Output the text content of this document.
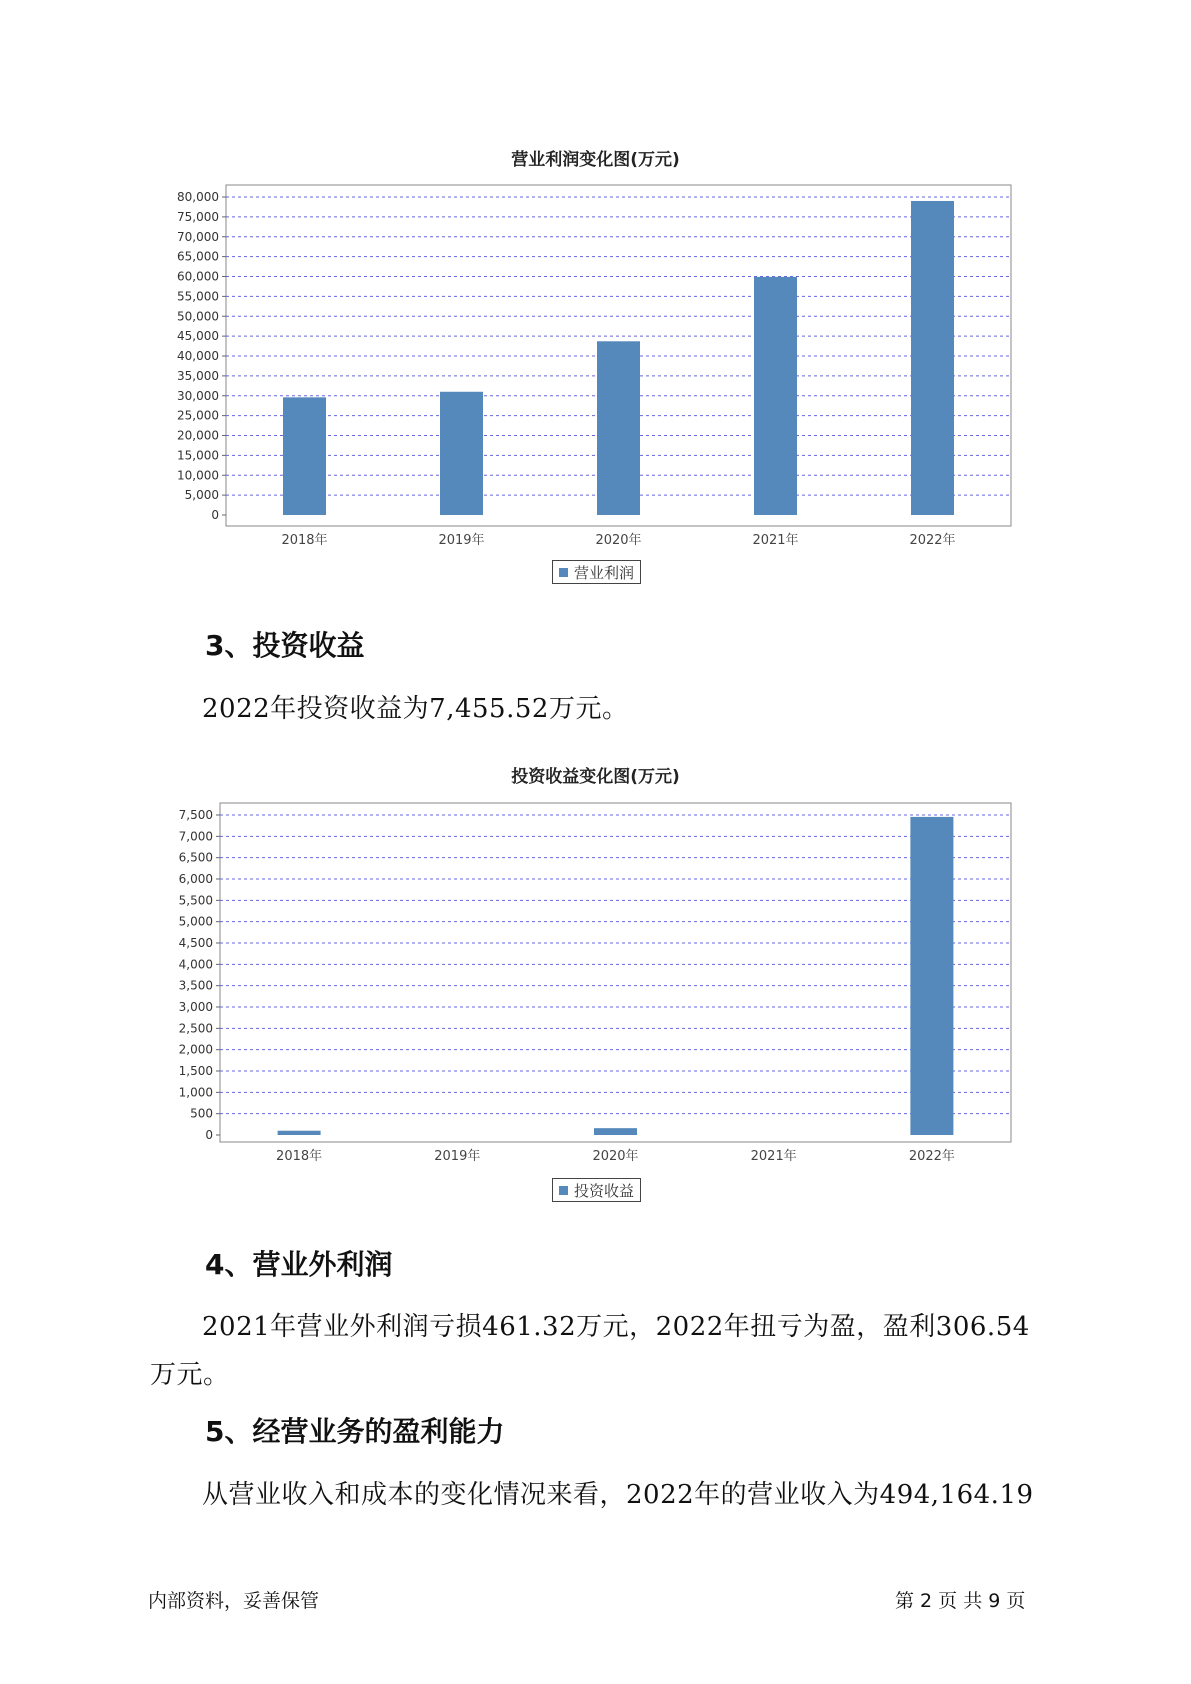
营业利润变化图(万元)
0
5,000
10,000
15,000
20,000
25,000
30,000
35,000
40,000
45,000
50,000
55,000
60,000
65,000
70,000
75,000
80,000
2018年	2019年	2020年	2021年	2022年
营业利润
3、投资收益
2022年投资收益为7,455.52万元。
投资收益变化图(万元)
0
500
1,000
1,500
2,000
2,500
3,000
3,500
4,000
4,500
5,000
5,500
6,000
6,500
7,000
7,500
2018年	2019年	2020年	2021年	2022年
投资收益
4、营业外利润
2021年营业外利润亏损461.32万元，2022年扭亏为盈，盈利306.54万元。
5、经营业务的盈利能力
从营业收入和成本的变化情况来看，2022年的营业收入为494,164.19
内部资料，妥善保管	第 2 页 共 9 页
